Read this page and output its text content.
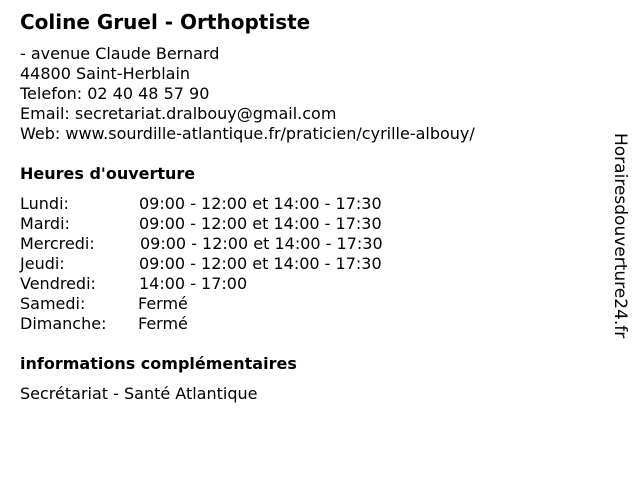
Coline Gruel - Orthoptiste
- avenue Claude Bernard
44800 Saint-Herblain
Telefon: 02 40 48 57 90
Email: secretariat.dralbouy@gmail.com
Web: www.sourdille-atlantique.fr/praticien/cyrille-albouy/
Heures d'ouverture
Lundi:	09:00 - 12:00 et 14:00 - 17:30
Mardi:	09:00 - 12:00 et 14:00 - 17:30
Mercredi:	09:00 - 12:00 et 14:00 - 17:30
Jeudi:	09:00 - 12:00 et 14:00 - 17:30
Vendredi:	14:00 - 17:00
Samedi:	Fermé
Dimanche: Fermé
informations complémentaires
Secrétariat - Santé Atlantique
Horairesdouverture24.fr
